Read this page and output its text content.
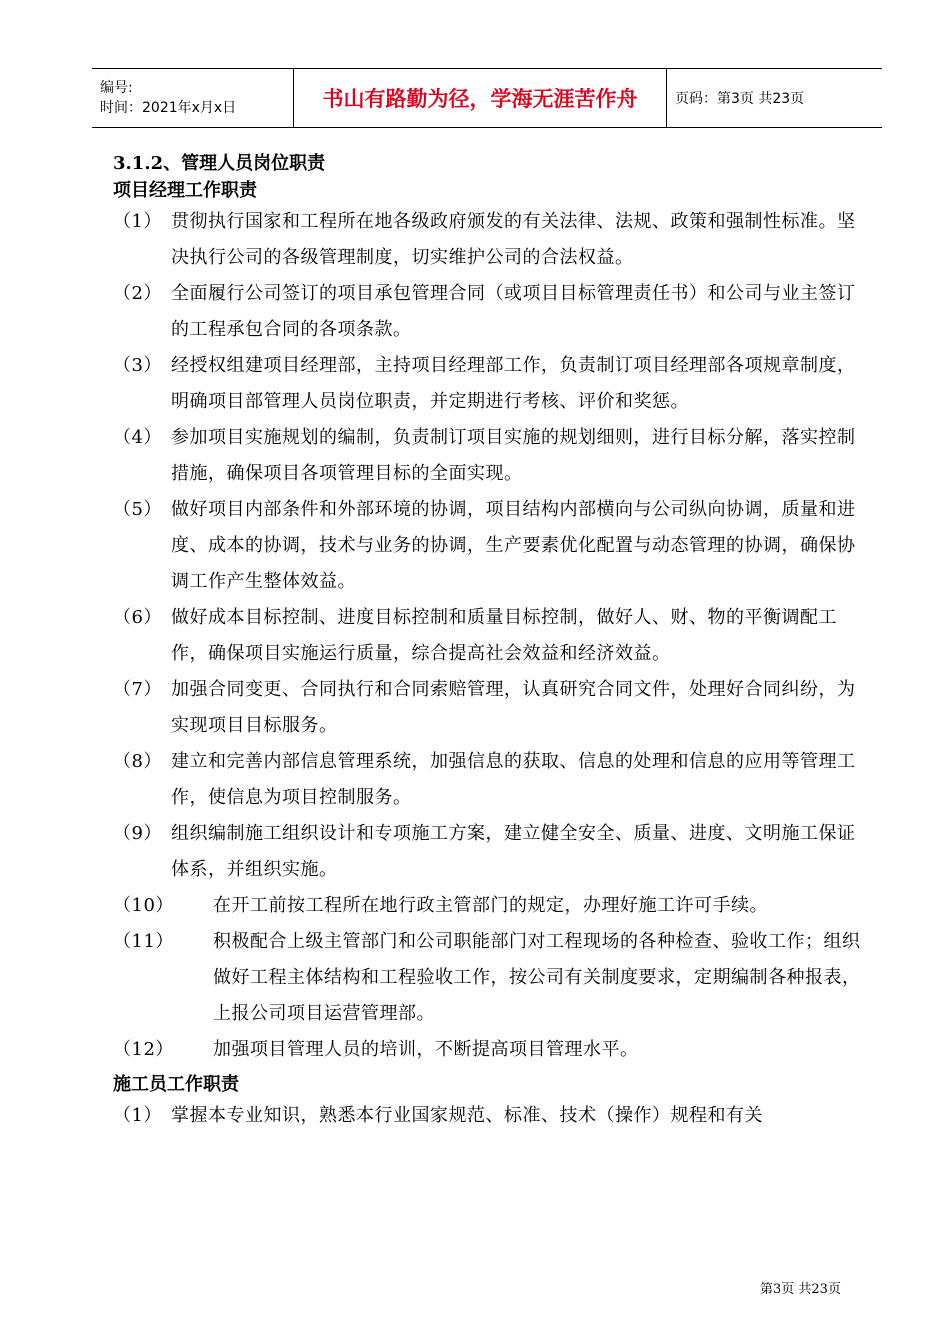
编号:
时间：2021年x月x日	书山有路勤为径，学海无涯苦作舟	页码：第3页 共23页
3.1.2、管理人员岗位职责
项目经理工作职责
（1） 贯彻执行国家和工程所在地各级政府颁发的有关法律、法规、政策和强制性标准。坚决执行公司的各级管理制度，切实维护公司的合法权益。
（2） 全面履行公司签订的项目承包管理合同（或项目目标管理责任书）和公司与业主签订的工程承包合同的各项条款。
（3） 经授权组建项目经理部，主持项目经理部工作，负责制订项目经理部各项规章制度，明确项目部管理人员岗位职责，并定期进行考核、评价和奖惩。
（4） 参加项目实施规划的编制，负责制订项目实施的规划细则，进行目标分解，落实控制措施，确保项目各项管理目标的全面实现。
（5） 做好项目内部条件和外部环境的协调，项目结构内部横向与公司纵向协调，质量和进度、成本的协调，技术与业务的协调，生产要素优化配置与动态管理的协调，确保协调工作产生整体效益。
（6） 做好成本目标控制、进度目标控制和质量目标控制，做好人、财、物的平衡调配工作，确保项目实施运行质量，综合提高社会效益和经济效益。
（7） 加强合同变更、合同执行和合同索赔管理，认真研究合同文件，处理好合同纠纷，为实现项目目标服务。
（8） 建立和完善内部信息管理系统，加强信息的获取、信息的处理和信息的应用等管理工作，使信息为项目控制服务。
（9） 组织编制施工组织设计和专项施工方案，建立健全安全、质量、进度、文明施工保证体系，并组织实施。
（10）	在开工前按工程所在地行政主管部门的规定，办理好施工许可手续。
（11）	积极配合上级主管部门和公司职能部门对工程现场的各种检查、验收工作；组织做好工程主体结构和工程验收工作，按公司有关制度要求，定期编制各种报表，上报公司项目运营管理部。
（12）	加强项目管理人员的培训，不断提高项目管理水平。
施工员工作职责
（1） 掌握本专业知识，熟悉本行业国家规范、标准、技术（操作）规程和有关
第3页 共23页
